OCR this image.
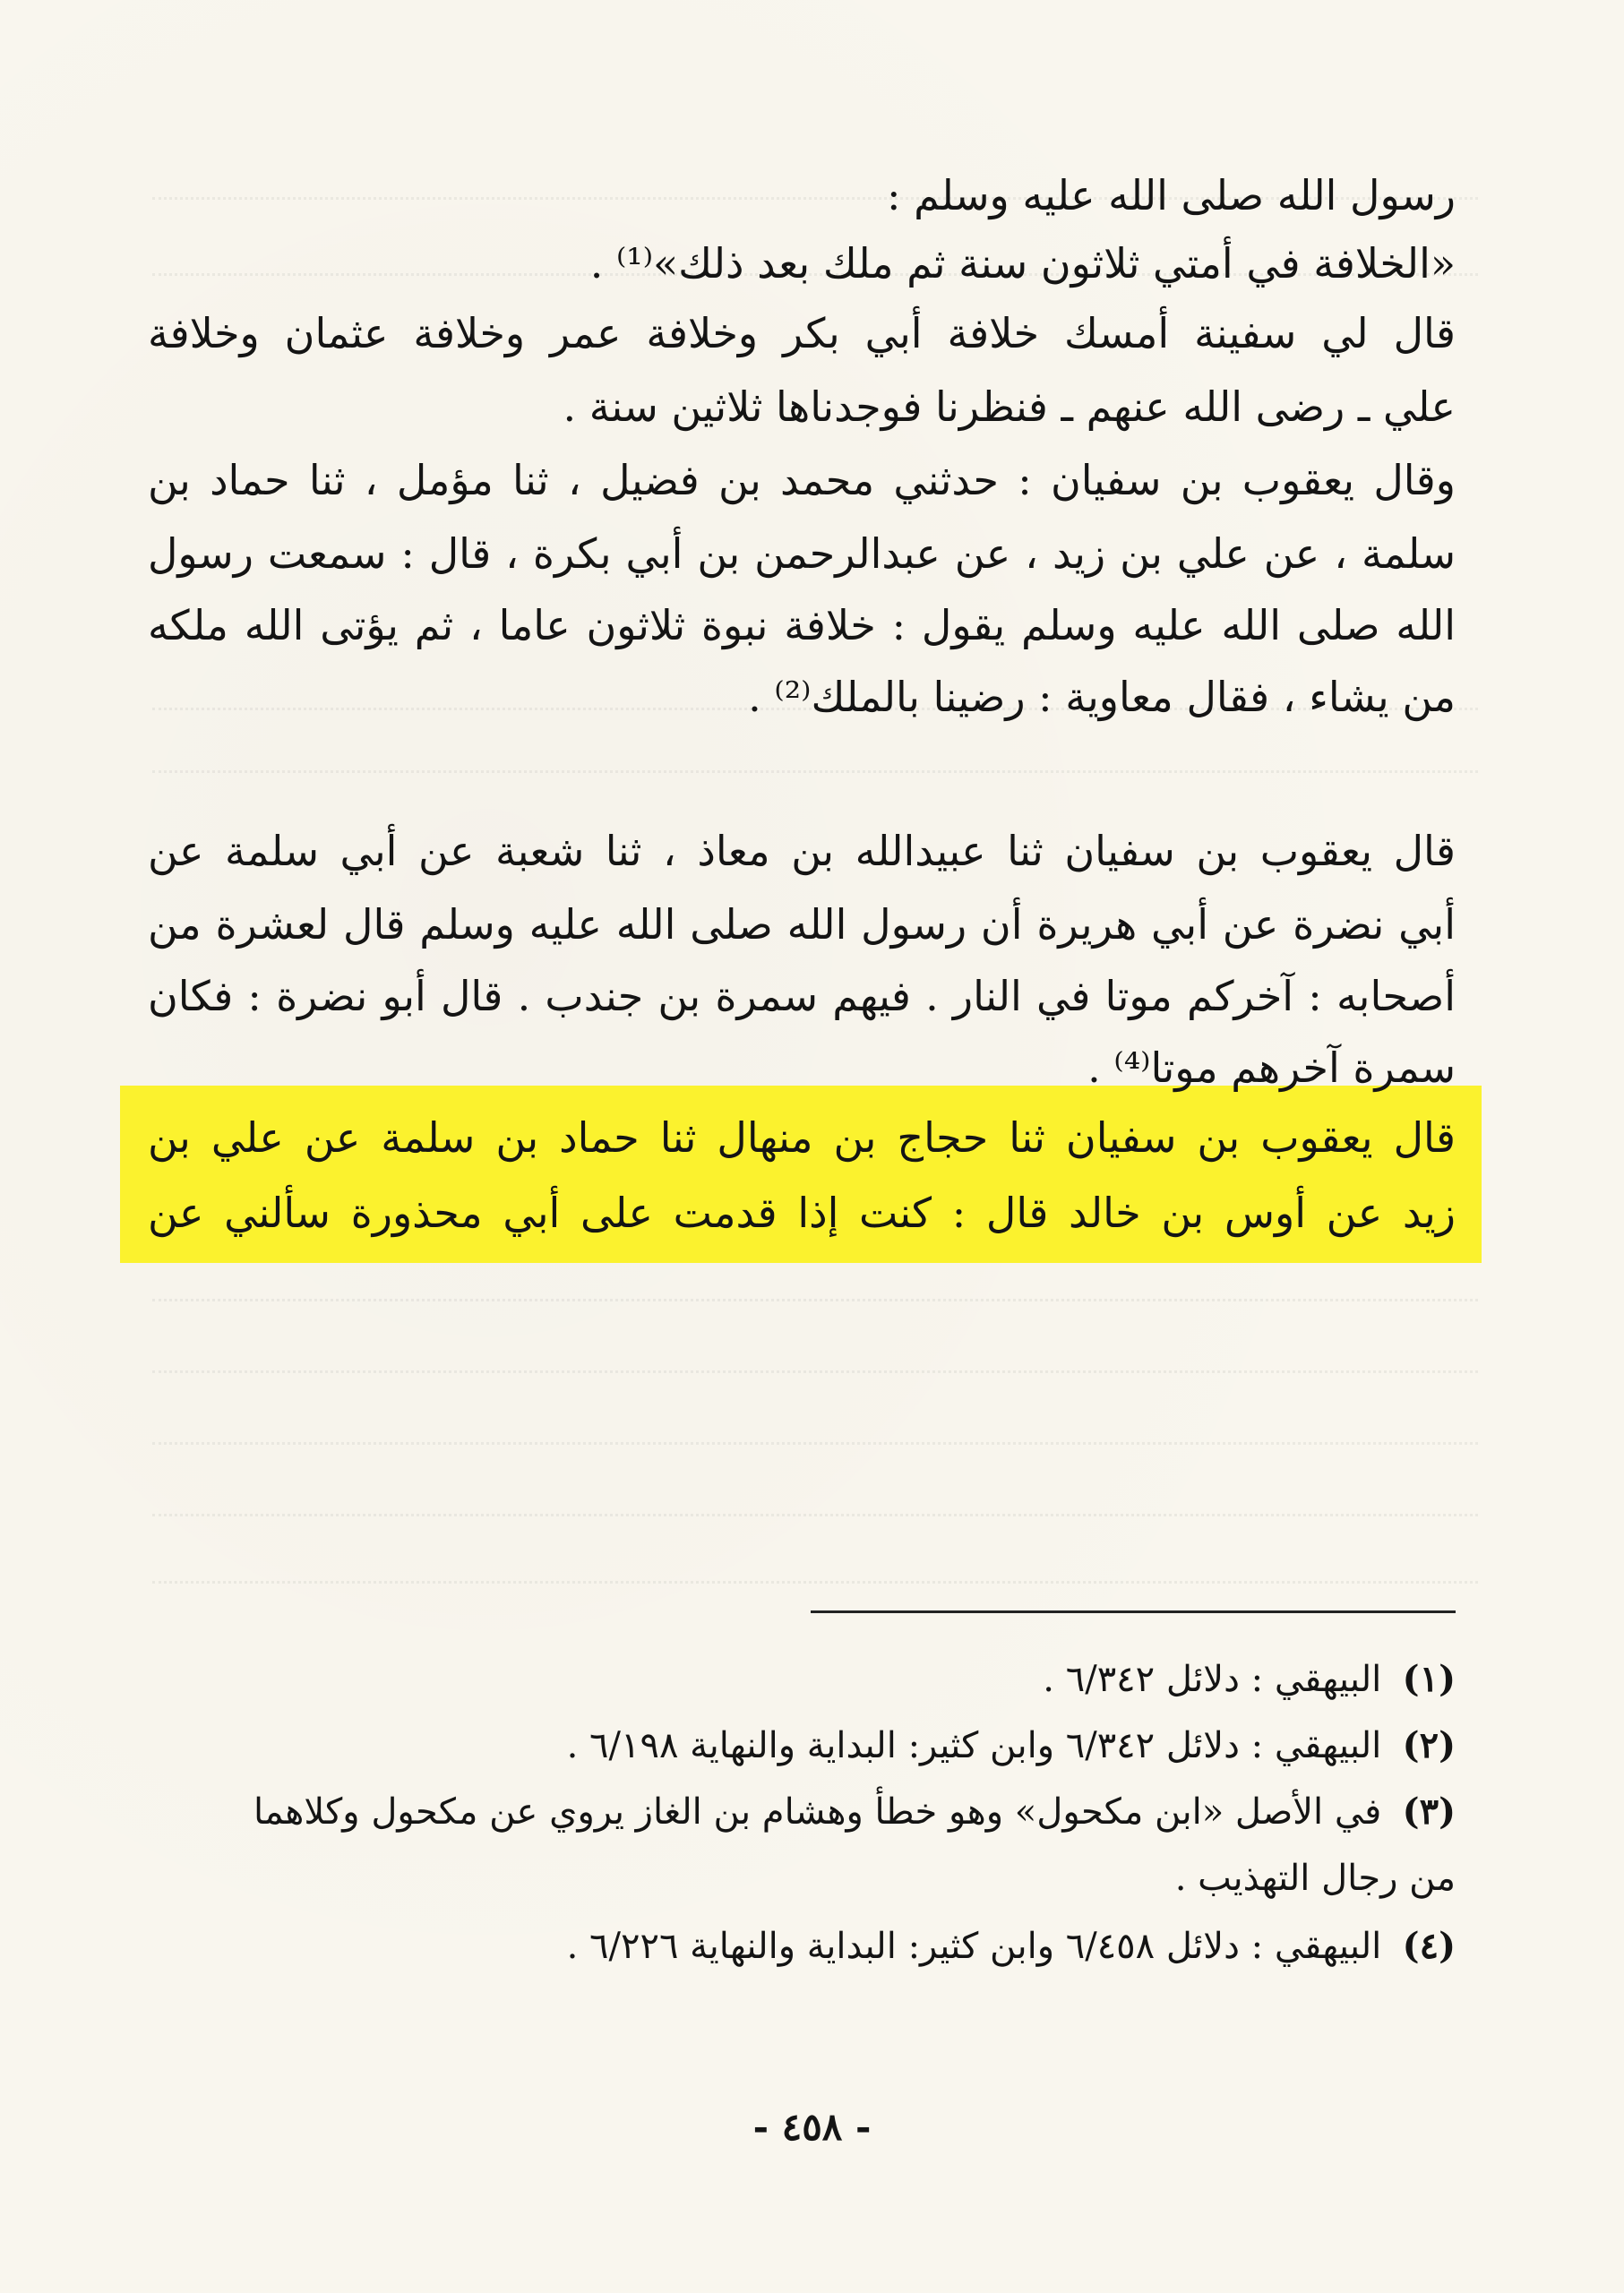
رسول الله صلى الله عليه وسلم :
«الخلافة في أمتي ثلاثون سنة ثم ملك بعد ذلك»⁽¹⁾ .
قال لي سفينة أمسك خلافة أبي بكر وخلافة عمر وخلافة عثمان وخلافة
علي ـ رضى الله عنهم ـ فنظرنا فوجدناها ثلاثين سنة .
وقال يعقوب بن سفيان : حدثني محمد بن فضيل ، ثنا مؤمل ، ثنا حماد بن
سلمة ، عن علي بن زيد ، عن عبدالرحمن بن أبي بكرة ، قال : سمعت رسول
الله صلى الله عليه وسلم يقول : خلافة نبوة ثلاثون عاما ، ثم يؤتى الله ملكه
من يشاء ، فقال معاوية : رضينا بالملك⁽²⁾ .
قال يعقوب بن سفيان ثنا عبيدالله بن معاذ ، ثنا شعبة عن أبي سلمة عن
أبي نضرة عن أبي هريرة أن رسول الله صلى الله عليه وسلم قال لعشرة من
أصحابه : آخركم موتا في النار . فيهم سمرة بن جندب . قال أبو نضرة : فكان
سمرة آخرهم موتا⁽⁴⁾ .
قال يعقوب بن سفيان ثنا حجاج بن منهال ثنا حماد بن سلمة عن علي بن
زيد عن أوس بن خالد قال : كنت إذا قدمت على أبي محذورة سألني عن
(١) البيهقي : دلائل ٦/٣٤٢ .
(٢) البيهقي : دلائل ٦/٣٤٢ وابن كثير: البداية والنهاية ٦/١٩٨ .
(٣) في الأصل «ابن مكحول» وهو خطأ وهشام بن الغاز يروي عن مكحول وكلاهما
من رجال التهذيب .
(٤) البيهقي : دلائل ٦/٤٥٨ وابن كثير: البداية والنهاية ٦/٢٢٦ .
- ٤٥٨ -
